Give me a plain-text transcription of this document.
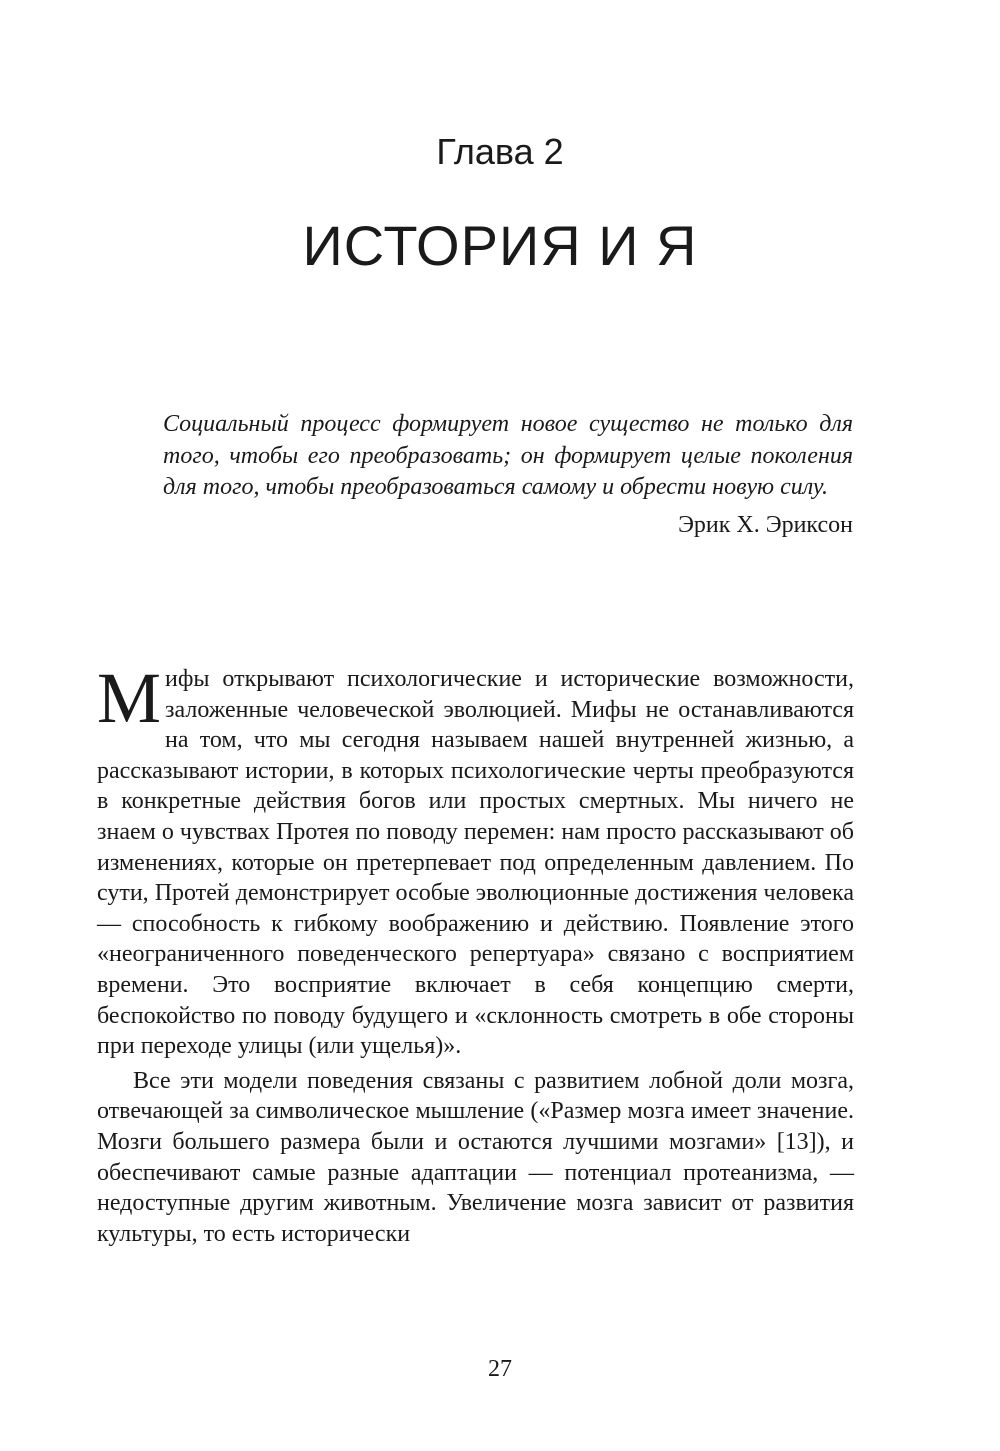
Глава 2
ИСТОРИЯ И Я

Социальный процесс формирует новое существо не только для того, чтобы его преобразовать; он формирует целые поколения для того, чтобы преобразоваться самому и обрести новую силу.

Эрик Х. Эриксон

Мифы открывают психологические и исторические возможности, заложенные человеческой эволюцией. Мифы не останавливаются на том, что мы сегодня называем нашей внутренней жизнью, а рассказывают истории, в которых психологические черты преобразуются в конкретные действия богов или простых смертных. Мы ничего не знаем о чувствах Протея по поводу перемен: нам просто рассказывают об изменениях, которые он претерпевает под определенным давлением. По сути, Протей демонстрирует особые эволюционные достижения человека — способность к гибкому воображению и действию. Появление этого «неограниченного поведенческого репертуара» связано с восприятием времени. Это восприятие включает в себя концепцию смерти, беспокойство по поводу будущего и «склонность смотреть в обе стороны при переходе улицы (или ущелья)».

Все эти модели поведения связаны с развитием лобной доли мозга, отвечающей за символическое мышление («Размер мозга имеет значение. Мозги большего размера были и остаются лучшими мозгами» [13]), и обеспечивают самые разные адаптации — потенциал протеанизма, — недоступные другим животным. Увеличение мозга зависит от развития культуры, то есть исторически

27
